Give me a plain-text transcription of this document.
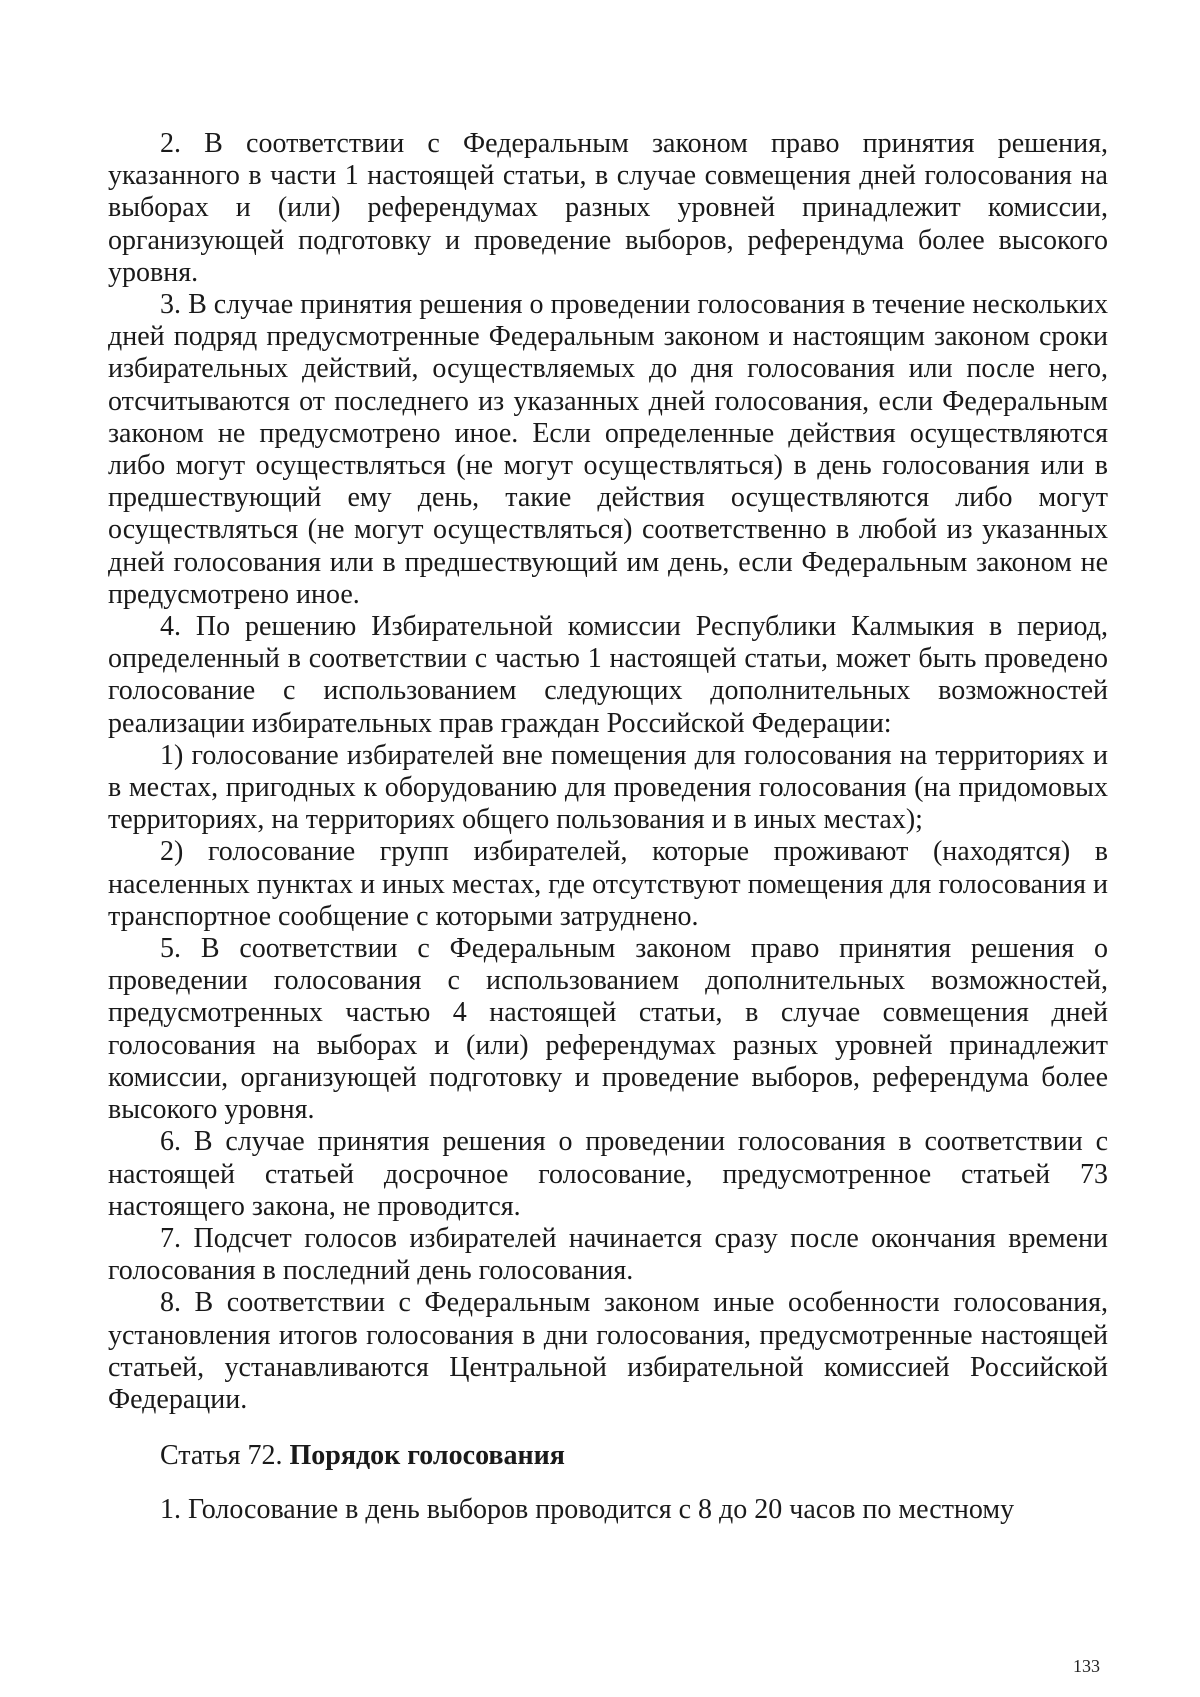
2. В соответствии с Федеральным законом право принятия решения, указанного в части 1 настоящей статьи, в случае совмещения дней голосования на выборах и (или) референдумах разных уровней принадлежит комиссии, организующей подготовку и проведение выборов, референдума более высокого уровня.

3. В случае принятия решения о проведении голосования в течение нескольких дней подряд предусмотренные Федеральным законом и настоящим законом сроки избирательных действий, осуществляемых до дня голосования или после него, отсчитываются от последнего из указанных дней голосования, если Федеральным законом не предусмотрено иное. Если определенные действия осуществляются либо могут осуществляться (не могут осуществляться) в день голосования или в предшествующий ему день, такие действия осуществляются либо могут осуществляться (не могут осуществляться) соответственно в любой из указанных дней голосования или в предшествующий им день, если Федеральным законом не предусмотрено иное.

4. По решению Избирательной комиссии Республики Калмыкия в период, определенный в соответствии с частью 1 настоящей статьи, может быть проведено голосование с использованием следующих дополнительных возможностей реализации избирательных прав граждан Российской Федерации:

1) голосование избирателей вне помещения для голосования на территориях и в местах, пригодных к оборудованию для проведения голосования (на придомовых территориях, на территориях общего пользования и в иных местах);

2) голосование групп избирателей, которые проживают (находятся) в населенных пунктах и иных местах, где отсутствуют помещения для голосования и транспортное сообщение с которыми затруднено.

5. В соответствии с Федеральным законом право принятия решения о проведении голосования с использованием дополнительных возможностей, предусмотренных частью 4 настоящей статьи, в случае совмещения дней голосования на выборах и (или) референдумах разных уровней принадлежит комиссии, организующей подготовку и проведение выборов, референдума более высокого уровня.

6. В случае принятия решения о проведении голосования в соответствии с настоящей статьей досрочное голосование, предусмотренное статьей 73 настоящего закона, не проводится.

7. Подсчет голосов избирателей начинается сразу после окончания времени голосования в последний день голосования.

8. В соответствии с Федеральным законом иные особенности голосования, установления итогов голосования в дни голосования, предусмотренные настоящей статьей, устанавливаются Центральной избирательной комиссией Российской Федерации.

Статья 72. Порядок голосования

1. Голосование в день выборов проводится с 8 до 20 часов по местному

133
